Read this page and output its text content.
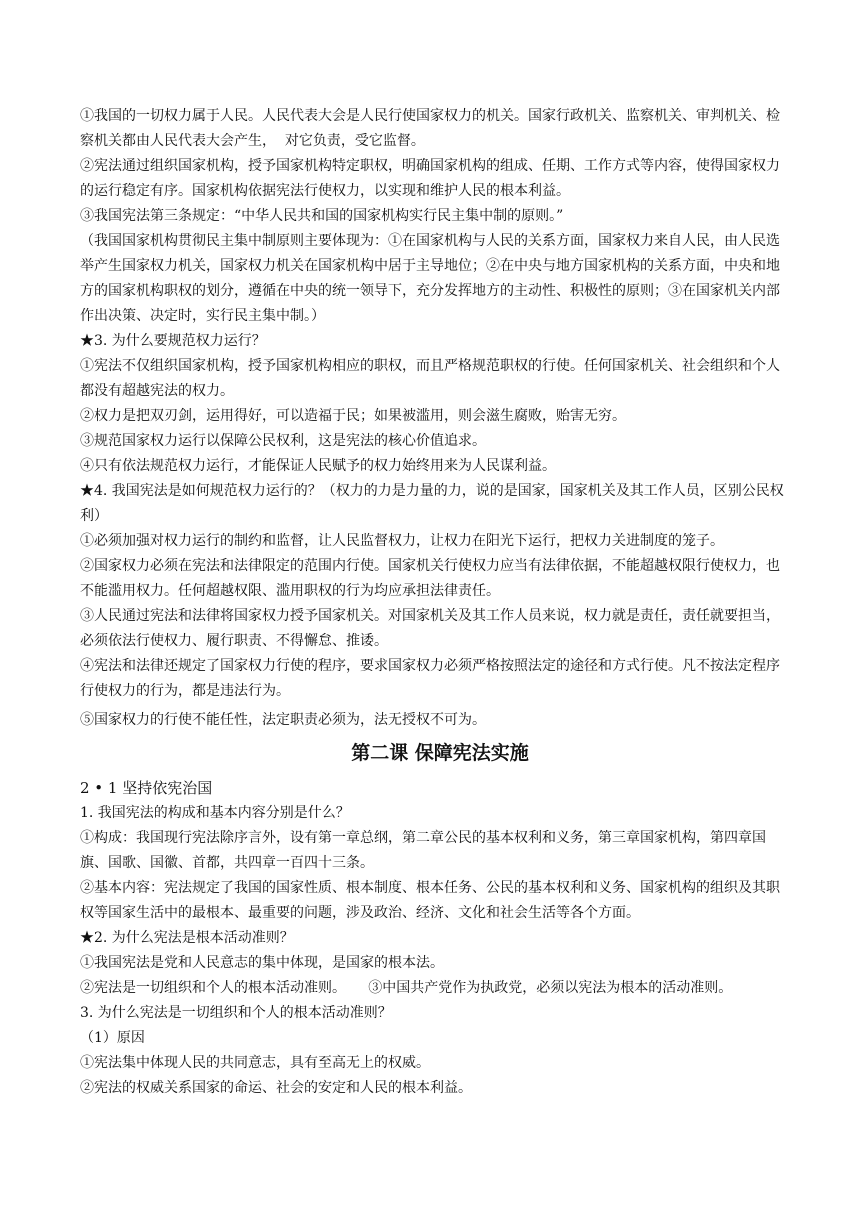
①我国的一切权力属于人民。人民代表大会是人民行使国家权力的机关。国家行政机关、监察机关、审判机关、检察机关都由人民代表大会产生，  对它负责，受它监督。

②宪法通过组织国家机构，授予国家机构特定职权，明确国家机构的组成、任期、工作方式等内容，使得国家权力的运行稳定有序。国家机构依据宪法行使权力，以实现和维护人民的根本利益。

③我国宪法第三条规定：“中华人民共和国的国家机构实行民主集中制的原则。”

（我国国家机构贯彻民主集中制原则主要体现为：①在国家机构与人民的关系方面，国家权力来自人民，由人民选举产生国家权力机关，国家权力机关在国家机构中居于主导地位；②在中央与地方国家机构的关系方面，中央和地方的国家机构职权的划分，遵循在中央的统一领导下，充分发挥地方的主动性、积极性的原则；③在国家机关内部作出决策、决定时，实行民主集中制。）

★3. 为什么要规范权力运行？

①宪法不仅组织国家机构，授予国家机构相应的职权，而且严格规范职权的行使。任何国家机关、社会组织和个人都没有超越宪法的权力。

②权力是把双刃剑，运用得好，可以造福于民；如果被滥用，则会滋生腐败，贻害无穷。

③规范国家权力运行以保障公民权利，这是宪法的核心价值追求。

④只有依法规范权力运行，才能保证人民赋予的权力始终用来为人民谋利益。

★4. 我国宪法是如何规范权力运行的？（权力的力是力量的力，说的是国家，国家机关及其工作人员，区别公民权利）

①必须加强对权力运行的制约和监督，让人民监督权力，让权力在阳光下运行，把权力关进制度的笼子。

②国家权力必须在宪法和法律限定的范围内行使。国家机关行使权力应当有法律依据，不能超越权限行使权力，也不能滥用权力。任何超越权限、滥用职权的行为均应承担法律责任。

③人民通过宪法和法律将国家权力授予国家机关。对国家机关及其工作人员来说，权力就是责任，责任就要担当，必须依法行使权力、履行职责、不得懈怠、推诿。

④宪法和法律还规定了国家权力行使的程序，要求国家权力必须严格按照法定的途径和方式行使。凡不按法定程序行使权力的行为，都是违法行为。

⑤国家权力的行使不能任性，法定职责必须为，法无授权不可为。

第二课 保障宪法实施
2 • 1 坚持依宪治国

1. 我国宪法的构成和基本内容分别是什么？

①构成：我国现行宪法除序言外，设有第一章总纲，第二章公民的基本权利和义务，第三章国家机构，第四章国旗、国歌、国徽、首都，共四章一百四十三条。

②基本内容：宪法规定了我国的国家性质、根本制度、根本任务、公民的基本权利和义务、国家机构的组织及其职权等国家生活中的最根本、最重要的问题，涉及政治、经济、文化和社会生活等各个方面。

★2. 为什么宪法是根本活动准则？

①我国宪法是党和人民意志的集中体现，是国家的根本法。

②宪法是一切组织和个人的根本活动准则。     ③中国共产党作为执政党，必须以宪法为根本的活动准则。

3. 为什么宪法是一切组织和个人的根本活动准则？

（1）原因

①宪法集中体现人民的共同意志，具有至高无上的权威。

②宪法的权威关系国家的命运、社会的安定和人民的根本利益。
